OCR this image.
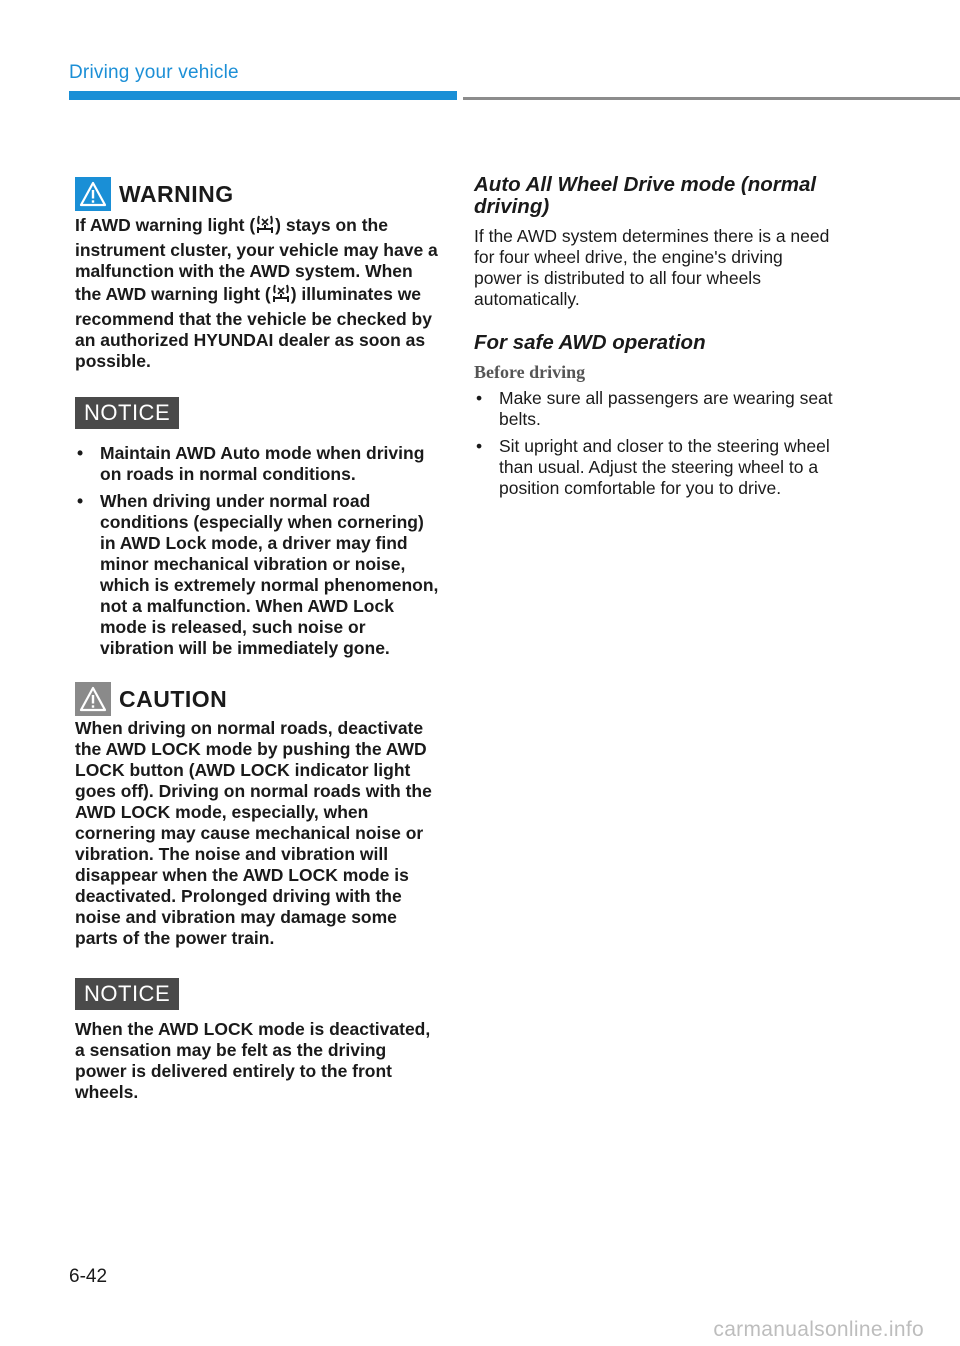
Driving your vehicle
WARNING
If AWD warning light ( ) stays on the instrument cluster, your vehicle may have a malfunction with the AWD system. When the AWD warning light ( ) illuminates we recommend that the vehicle be checked by an authorized HYUNDAI dealer as soon as possible.
NOTICE
• Maintain AWD Auto mode when driving on roads in normal conditions.
• When driving under normal road conditions (especially when cornering) in AWD Lock mode, a driver may find minor mechanical vibration or noise, which is extremely normal phenomenon, not a malfunction. When AWD Lock mode is released, such noise or vibration will be immediately gone.
CAUTION
When driving on normal roads, deactivate the AWD LOCK mode by pushing the AWD LOCK button (AWD LOCK indicator light goes off). Driving on normal roads with the AWD LOCK mode, especially, when cornering may cause mechanical noise or vibration. The noise and vibration will disappear when the AWD LOCK mode is deactivated. Prolonged driving with the noise and vibration may damage some parts of the power train.
NOTICE
When the AWD LOCK mode is deactivated, a sensation may be felt as the driving power is delivered entirely to the front wheels.
Auto All Wheel Drive mode (normal driving)
If the AWD system determines there is a need for four wheel drive, the engine's driving power is distributed to all four wheels automatically.
For safe AWD operation
Before driving
• Make sure all passengers are wearing seat belts.
• Sit upright and closer to the steering wheel than usual. Adjust the steering wheel to a position comfortable for you to drive.
6-42
carmanualsonline.info
